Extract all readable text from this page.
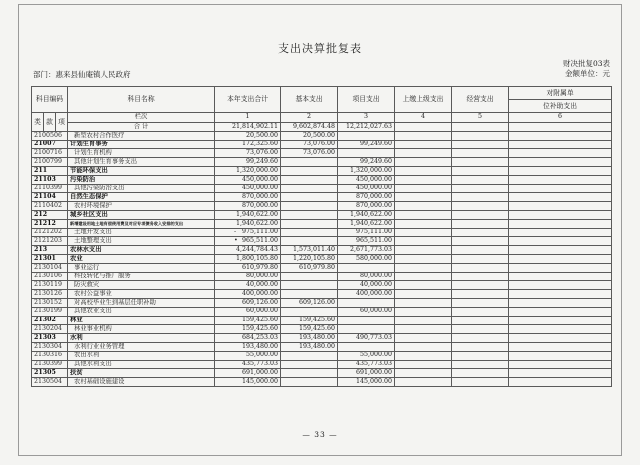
支出决算批复表
财决批复03表
部门：惠来县仙庵镇人民政府	金额单位：元
科目编码			科目名称	本年支出合计	基本支出	项目支出	上缴上级支出	经营支出	对附属单
									位补助支出
类	款	项	栏次	1	2	3	4	5	6
			合 计	21,814,902.11	9,602,874.48	12,212,027.63			
2100506			新型农村合作医疗	20,500.00	20,500.00				
21007			计划生育事务	172,325.60	73,076.00	99,249.60			
2100716			计划生育机构	73,076.00	73,076.00				
2100799			其他计划生育事务支出	99,249.60		99,249.60			
211			节能环保支出	1,320,000.00		1,320,000.00			
21103			污染防治	450,000.00		450,000.00			
2110399			其他污染防治支出	450,000.00		450,000.00			
21104			自然生态保护	870,000.00		870,000.00			
2110402			农村环境保护	870,000.00		870,000.00			
212			城乡社区支出	1,940,622.00		1,940,622.00			
21212			新增建设用地土地有偿使用费及对应专项债务收入安排的支出	1,940,622.00		1,940,622.00			
2121202			土地开发支出	- 975,111.00		975,111.00			
2121203			土地整理支出	• 965,511.00		965,511.00			
213			农林水支出	4,244,784.43	1,573,011.40	2,671,773.03			
21301			农业	1,800,105.80	1,220,105.80	580,000.00			
2130104			事业运行	610,979.80	610,979.80				
2130106			科技转化与推广服务	80,000.00		80,000.00			
2130119			防灾救灾	40,000.00		40,000.00			
2130126			农村公益事业	400,000.00		400,000.00			
2130152			对高校毕业生到基层任职补助	609,126.00	609,126.00				
2130199			其他农业支出	60,000.00		60,000.00			
21302			林业	159,425.60	159,425.60				
2130204			林业事业机构	159,425.60	159,425.60				
21303			水利	684,253.03	193,480.00	490,773.03			
2130304			水利行业业务管理	193,480.00	193,480.00				
2130316			农田水利	55,000.00		55,000.00			
2130399			其他水利支出	435,773.03		435,773.03			
21305			扶贫	691,000.00		691,000.00			
2130504			农村基础设施建设	145,000.00		145,000.00			
— 33 —
